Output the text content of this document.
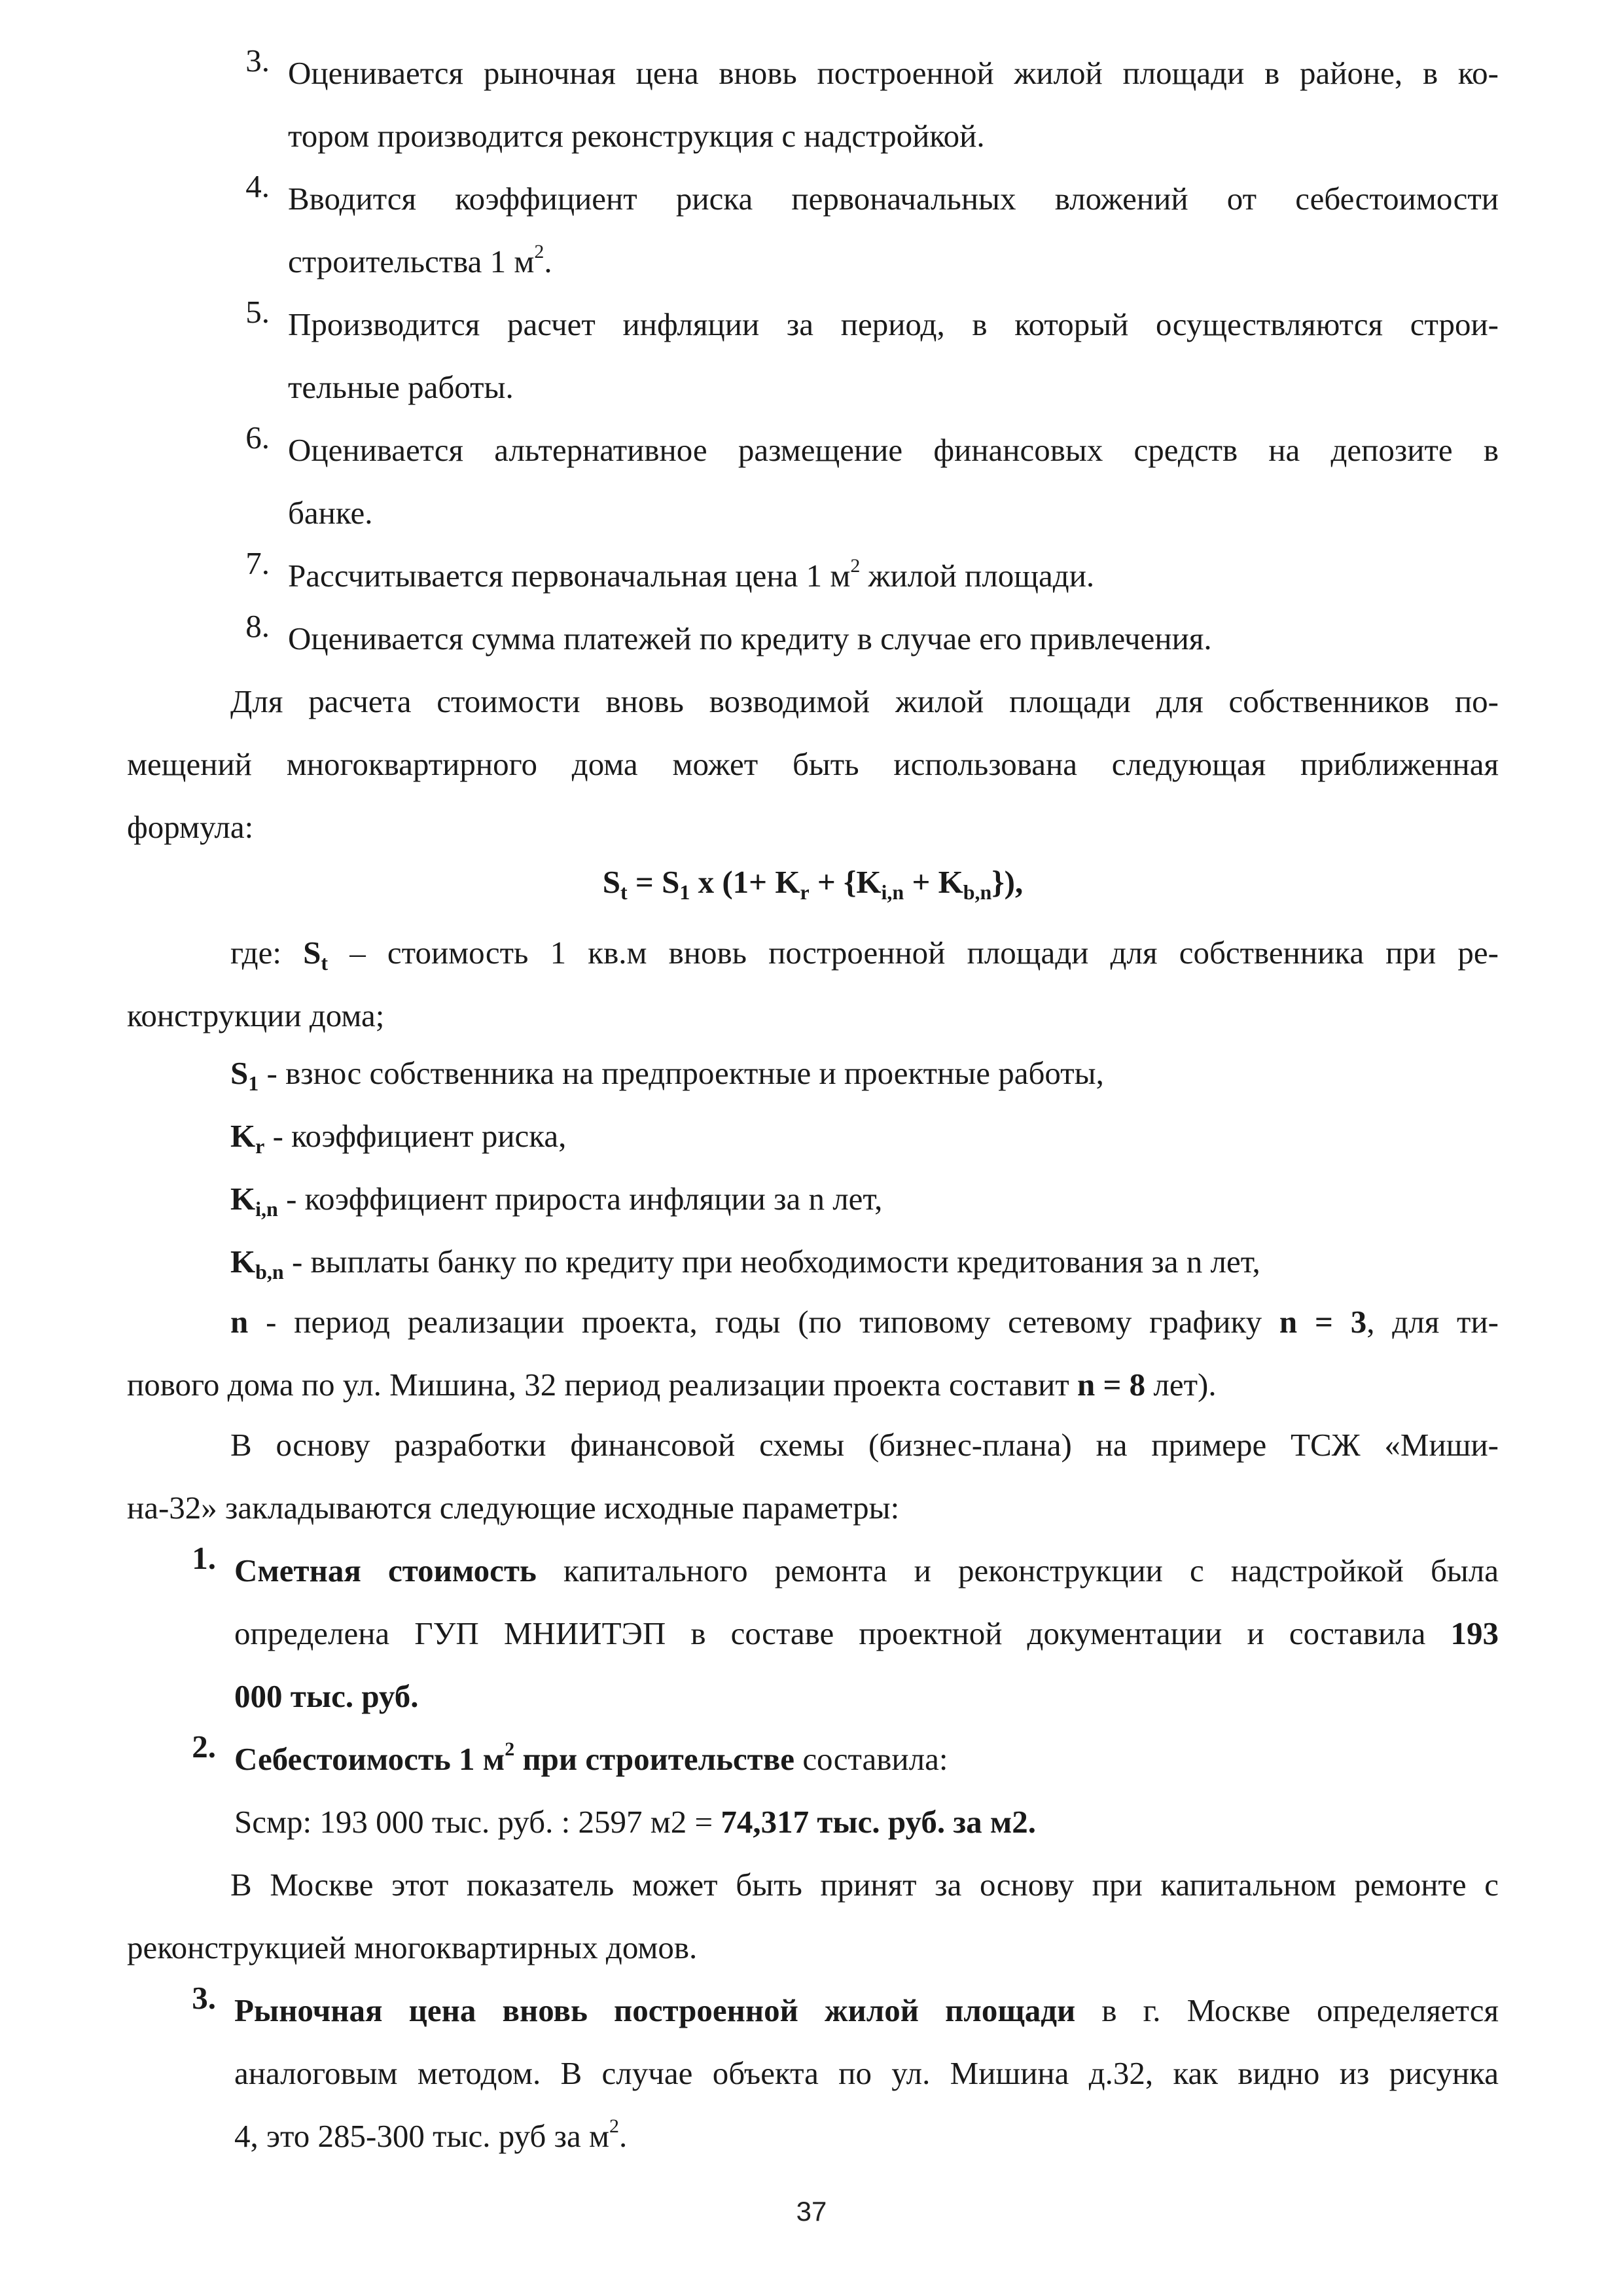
3. Оценивается рыночная цена вновь построенной жилой площади в районе, в ко-
тором производится реконструкция с надстройкой.
4. Вводится коэффициент риска первоначальных вложений от себестоимости
строительства 1 $м^2$.
5. Производится расчет инфляции за период, в который осуществляются строи-
тельные работы.
6. Оценивается альтернативное размещение финансовых средств на депозите в
банке.
7. Рассчитывается первоначальная цена 1 $м^2$ жилой площади.
8. Оценивается сумма платежей по кредиту в случае его привлечения.
Для расчета стоимости вновь возводимой жилой площади для собственников по-
мещений многоквартирного дома может быть использована следующая приближенная
формула:
$S_t = S_1$ х $(1+ K_r + \{K_{i,n} + K_{b,n}\})$,
где: $S_t$ – стоимость 1 кв.м вновь построенной площади для собственника при ре-
конструкции дома;
$S_1$ - взнос собственника на предпроектные и проектные работы,
$K_r$ - коэффициент риска,
$K_{i,n}$ - коэффициент прироста инфляции за n лет,
$K_{b,n}$ - выплаты банку по кредиту при необходимости кредитования за n лет,
n - период реализации проекта, годы (по типовому сетевому графику n = 3, для ти-
пового дома по ул. Мишина, 32 период реализации проекта составит n = 8 лет).
В основу разработки финансовой схемы (бизнес-плана) на примере ТСЖ «Миши-
на-32» закладываются следующие исходные параметры:
1. Сметная стоимость капитального ремонта и реконструкции с надстройкой была
определена ГУП МНИИТЭП в составе проектной документации и составила 193
000 тыс. руб.
2. Себестоимость 1 $м^2$ при строительстве составила:
Sсмр: 193 000 тыс. руб. : 2597 м2 = 74,317 тыс. руб. за м2.
В Москве этот показатель может быть принят за основу при капитальном ремонте с
реконструкцией многоквартирных домов.
3. Рыночная цена вновь построенной жилой площади в г. Москве определяется
аналоговым методом. В случае объекта по ул. Мишина д.32, как видно из рисунка
4, это 285-300 тыс. руб за $м^2$.
37
